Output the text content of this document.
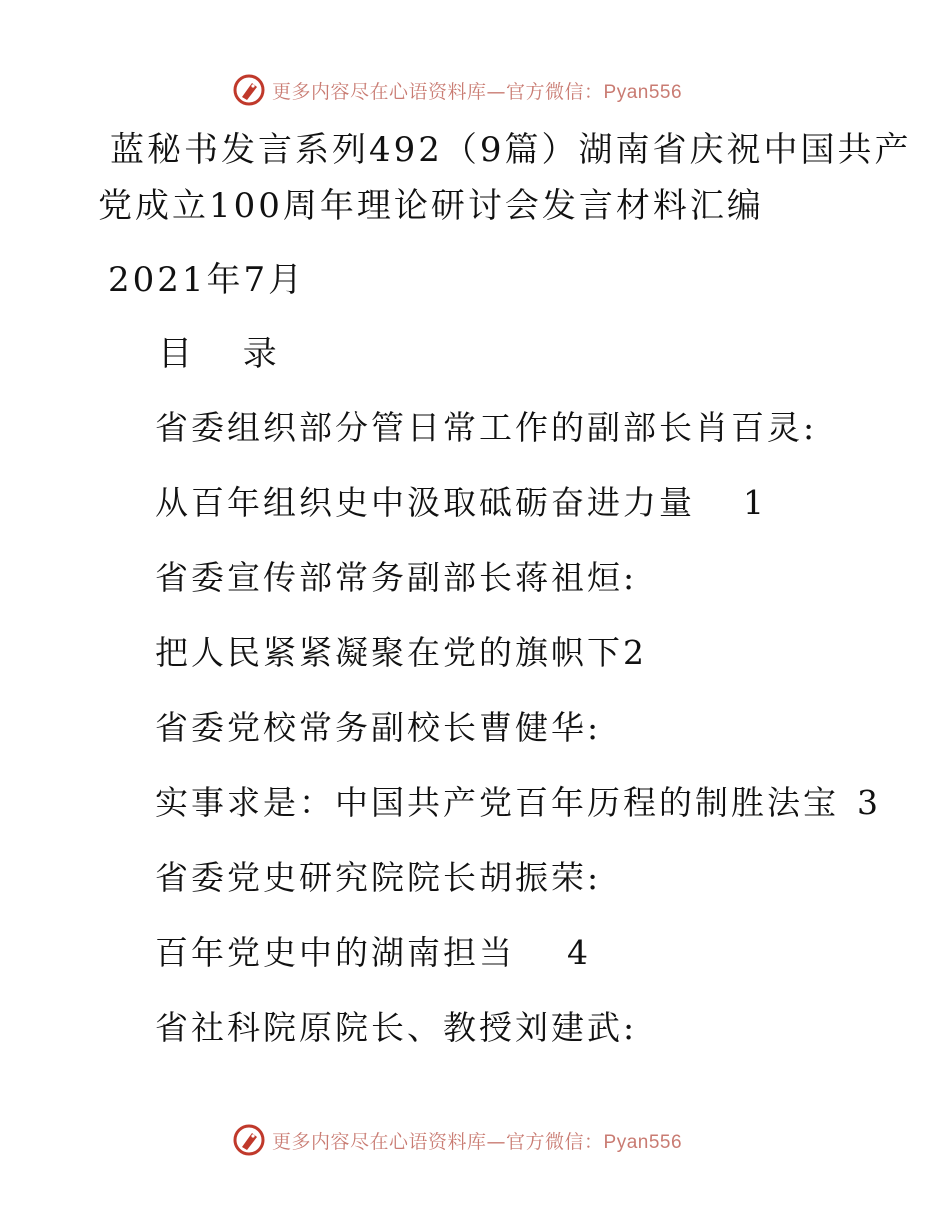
更多内容尽在心语资料库—官方微信：Pyan556
蓝秘书发言系列492（9篇）湖南省庆祝中国共产
党成立100周年理论研讨会发言材料汇编
2021年7月
目 录
省委组织部分管日常工作的副部长肖百灵:
从百年组织史中汲取砥砺奋进力量 1
省委宣传部常务副部长蒋祖烜:
把人民紧紧凝聚在党的旗帜下2
省委党校常务副校长曹健华:
实事求是：中国共产党百年历程的制胜法宝 3
省委党史研究院院长胡振荣:
百年党史中的湖南担当 4
省社科院原院长、教授刘建武:
更多内容尽在心语资料库—官方微信：Pyan556
